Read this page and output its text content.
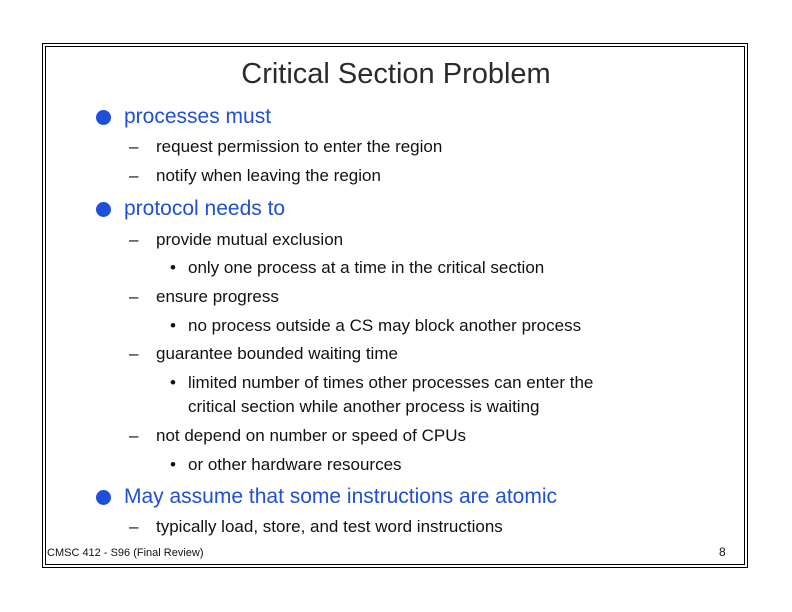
Critical Section Problem
processes must
– request permission to enter the region
– notify when leaving the region
protocol needs to
– provide mutual exclusion
• only one process at a time in the critical section
– ensure progress
• no process outside a CS may block another process
– guarantee bounded waiting time
• limited number of times other processes can enter the
critical section while another process is waiting
– not depend on number or speed of CPUs
• or other hardware resources
May assume that some instructions are atomic
– typically load, store, and test word instructions
CMSC 412 - S96 (Final Review)	8
